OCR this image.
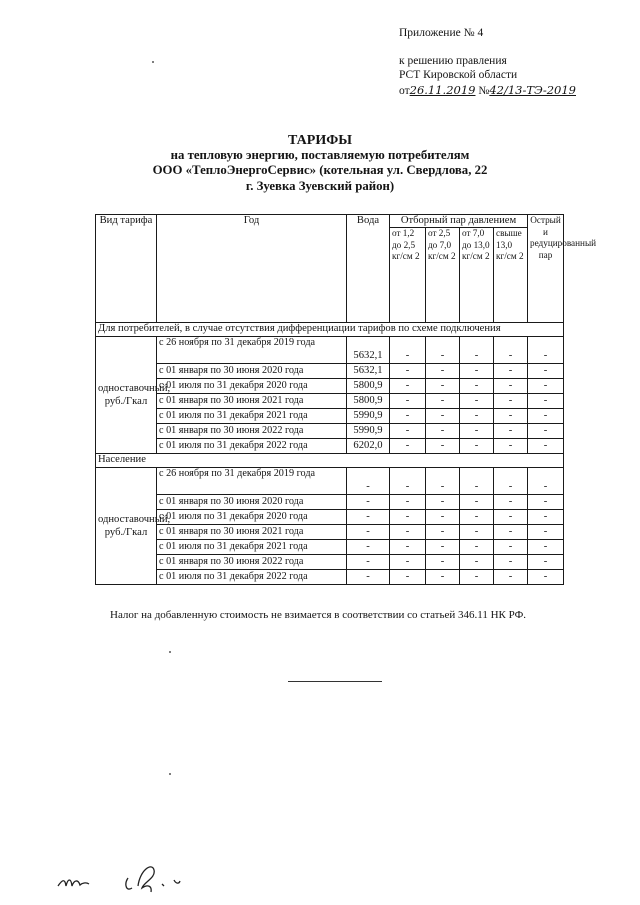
Приложение № 4
к решению правления
РСТ Кировской области
от26.11.2019 №42/13-ТЭ-2019
ТАРИФЫ
на тепловую энергию, поставляемую потребителям
ООО «ТеплоЭнергоСервис» (котельная ул. Свердлова, 22
г. Зуевка Зуевский район)
Вид тарифа	Год	Вода	Отборный пар давлением				Острый и редуцированный пар
			от 1,2 до 2,5 кг/см 2	от 2,5 до 7,0 кг/см 2	от 7,0 до 13,0 кг/см 2	свыше 13,0 кг/см 2	
Для потребителей, в случае отсутствия дифференциации тарифов по схеме подключения							
одноставочный, руб./Гкал	с 26 ноября по 31 декабря 2019 года	5632,1	-	-	-	-	-
	с 01 января по 30 июня 2020 года	5632,1	-	-	-	-	-
	с 01 июля по 31 декабря 2020 года	5800,9	-	-	-	-	-
	с 01 января по 30 июня 2021 года	5800,9	-	-	-	-	-
	с 01 июля по 31 декабря 2021 года	5990,9	-	-	-	-	-
	с 01 января по 30 июня 2022 года	5990,9	-	-	-	-	-
	с 01 июля по 31 декабря 2022 года	6202,0	-	-	-	-	-
Население							
одноставочный, руб./Гкал	с 26 ноября по 31 декабря 2019 года	-	-	-	-	-	-
	с 01 января по 30 июня 2020 года	-	-	-	-	-	-
	с 01 июля по 31 декабря 2020 года	-	-	-	-	-	-
	с 01 января по 30 июня 2021 года	-	-	-	-	-	-
	с 01 июля по 31 декабря 2021 года	-	-	-	-	-	-
	с 01 января по 30 июня 2022 года	-	-	-	-	-	-
	с 01 июля по 31 декабря 2022 года	-	-	-	-	-	-
Налог на добавленную стоимость не взимается в соответствии со статьей 346.11 НК РФ.
